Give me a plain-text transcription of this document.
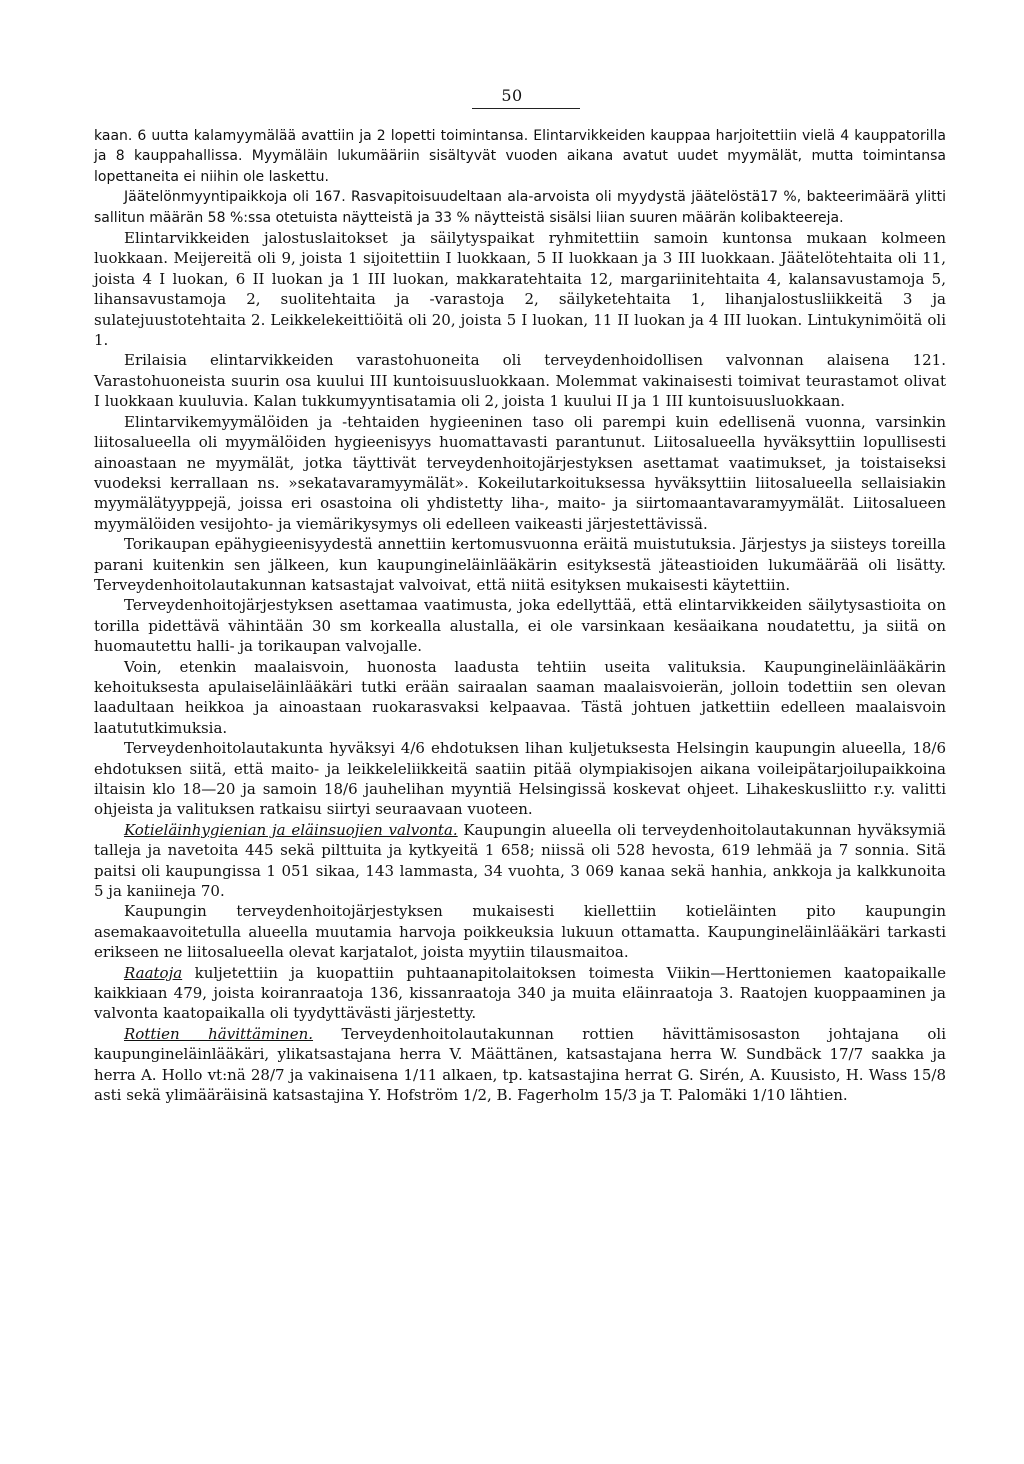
50

kaan. 6 uutta kalamyymälää avattiin ja 2 lopetti toimintansa. Elintarvikkeiden kauppaa harjoitettiin vielä 4 kauppatorilla ja 8 kauppahallissa. Myymäläin lukumääriin sisältyvät vuoden aikana avatut uudet myymälät, mutta toimintansa lopettaneita ei niihin ole laskettu.

Jäätelönmyyntipaikkoja oli 167. Rasvapitoisuudeltaan ala-arvoista oli myydystä jäätelöstä17 %, bakteerimäärä ylitti sallitun määrän 58 %:ssa otetuista näytteistä ja 33 % näytteistä sisälsi liian suuren määrän kolibakteereja.

Elintarvikkeiden jalostuslaitokset ja säilytyspaikat ryhmitettiin samoin kuntonsa mukaan kolmeen luokkaan. Meijereitä oli 9, joista 1 sijoitettiin I luokkaan, 5 II luokkaan ja 3 III luokkaan. Jäätelötehtaita oli 11, joista 4 I luokan, 6 II luokan ja 1 III luokan, makkaratehtaita 12, margariinitehtaita 4, kalansavustamoja 5, lihansavustamoja 2, suolitehtaita ja -varastoja 2, säilyketehtaita 1, lihanjalostusliikkeitä 3 ja sulatejuustotehtaita 2. Leikkelekeittiöitä oli 20, joista 5 I luokan, 11 II luokan ja 4 III luokan. Lintukynimöitä oli 1.

Erilaisia elintarvikkeiden varastohuoneita oli terveydenhoidollisen valvonnan alaisena 121. Varastohuoneista suurin osa kuului III kuntoisuusluokkaan. Molemmat vakinaisesti toimivat teurastamot olivat I luokkaan kuuluvia. Kalan tukkumyyntisatamia oli 2, joista 1 kuului II ja 1 III kuntoisuusluokkaan.

Elintarvikemyymälöiden ja -tehtaiden hygieeninen taso oli parempi kuin edellisenä vuonna, varsinkin liitosalueella oli myymälöiden hygieenisyys huomattavasti parantunut. Liitosalueella hyväksyttiin lopullisesti ainoastaan ne myymälät, jotka täyttivät terveydenhoitojärjestyksen asettamat vaatimukset, ja toistaiseksi vuodeksi kerrallaan ns. »sekatavaramyymälät». Kokeilutarkoituksessa hyväksyttiin liitosalueella sellaisiakin myymälätyyppejä, joissa eri osastoina oli yhdistetty liha-, maito- ja siirtomaantavaramyymälät. Liitosalueen myymälöiden vesijohto- ja viemärikysymys oli edelleen vaikeasti järjestettävissä.

Torikaupan epähygieenisyydestä annettiin kertomusvuonna eräitä muistutuksia. Järjestys ja siisteys toreilla parani kuitenkin sen jälkeen, kun kaupungineläinlääkärin esityksestä jäteastioiden lukumäärää oli lisätty. Terveydenhoitolautakunnan katsastajat valvoivat, että niitä esityksen mukaisesti käytettiin.

Terveydenhoitojärjestyksen asettamaa vaatimusta, joka edellyttää, että elintarvikkeiden säilytysastioita on torilla pidettävä vähintään 30 sm korkealla alustalla, ei ole varsinkaan kesäaikana noudatettu, ja siitä on huomautettu halli- ja torikaupan valvojalle.

Voin, etenkin maalaisvoin, huonosta laadusta tehtiin useita valituksia. Kaupungineläinlääkärin kehoituksesta apulaiseläinlääkäri tutki erään sairaalan saaman maalaisvoierän, jolloin todettiin sen olevan laadultaan heikkoa ja ainoastaan ruokarasvaksi kelpaavaa. Tästä johtuen jatkettiin edelleen maalaisvoin laatututkimuksia.

Terveydenhoitolautakunta hyväksyi 4/6 ehdotuksen lihan kuljetuksesta Helsingin kaupungin alueella, 18/6 ehdotuksen siitä, että maito- ja leikkeleliikkeitä saatiin pitää olympiakisojen aikana voileipätarjoilupaikkoina iltaisin klo 18—20 ja samoin 18/6 jauhelihan myyntiä Helsingissä koskevat ohjeet. Lihakeskusliitto r.y. valitti ohjeista ja valituksen ratkaisu siirtyi seuraavaan vuoteen.

Kotieläinhygienian ja eläinsuojien valvonta. Kaupungin alueella oli terveydenhoitolautakunnan hyväksymiä talleja ja navetoita 445 sekä pilttuita ja kytkyeitä 1 658; niissä oli 528 hevosta, 619 lehmää ja 7 sonnia. Sitä paitsi oli kaupungissa 1 051 sikaa, 143 lammasta, 34 vuohta, 3 069 kanaa sekä hanhia, ankkoja ja kalkkunoita 5 ja kaniineja 70.

Kaupungin terveydenhoitojärjestyksen mukaisesti kiellettiin kotieläinten pito kaupungin asemakaavoitetulla alueella muutamia harvoja poikkeuksia lukuun ottamatta. Kaupungineläinlääkäri tarkasti erikseen ne liitosalueella olevat karjatalot, joista myytiin tilausmaitoa.

Raatoja kuljetettiin ja kuopattiin puhtaanapitolaitoksen toimesta Viikin—Herttoniemen kaatopaikalle kaikkiaan 479, joista koiranraatoja 136, kissanraatoja 340 ja muita eläinraatoja 3. Raatojen kuoppaaminen ja valvonta kaatopaikalla oli tyydyttävästi järjestetty.

Rottien hävittäminen. Terveydenhoitolautakunnan rottien hävittämisosaston johtajana oli kaupungineläinlääkäri, ylikatsastajana herra V. Määttänen, katsastajana herra W. Sundbäck 17/7 saakka ja herra A. Hollo vt:nä 28/7 ja vakinaisena 1/11 alkaen, tp. katsastajina herrat G. Sirén, A. Kuusisto, H. Wass 15/8 asti sekä ylimääräisinä katsastajina Y. Hofström 1/2, B. Fagerholm 15/3 ja T. Palomäki 1/10 lähtien.
